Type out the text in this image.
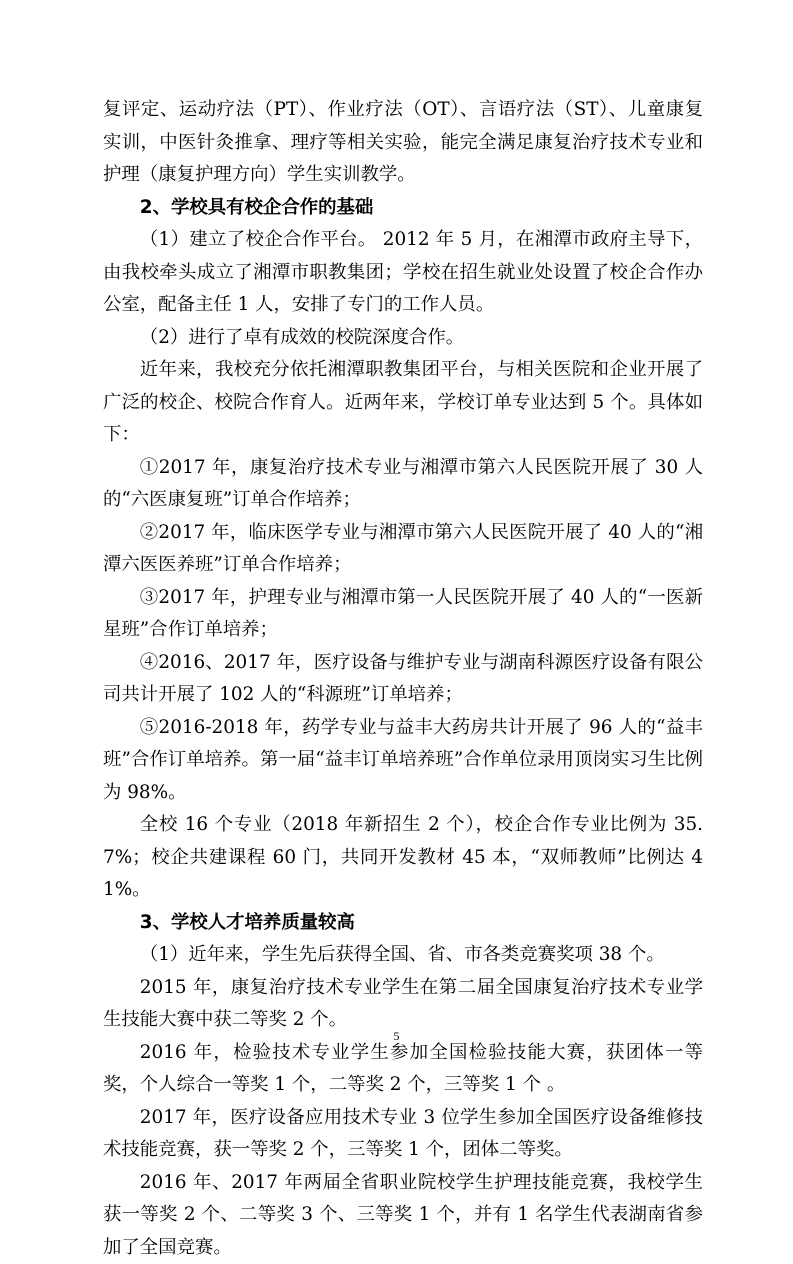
复评定、运动疗法（PT）、作业疗法（OT）、言语疗法（ST）、儿童康复实训，中医针灸推拿、理疗等相关实验，能完全满足康复治疗技术专业和护理（康复护理方向）学生实训教学。

2、学校具有校企合作的基础

（1）建立了校企合作平台。 2012 年 5 月，在湘潭市政府主导下，由我校牵头成立了湘潭市职教集团；学校在招生就业处设置了校企合作办公室，配备主任 1 人，安排了专门的工作人员。

（2）进行了卓有成效的校院深度合作。

近年来，我校充分依托湘潭职教集团平台，与相关医院和企业开展了广泛的校企、校院合作育人。近两年来，学校订单专业达到 5 个。具体如下：

①2017 年，康复治疗技术专业与湘潭市第六人民医院开展了 30 人的“六医康复班”订单合作培养；

②2017 年，临床医学专业与湘潭市第六人民医院开展了 40 人的“湘潭六医医养班”订单合作培养；

③2017 年，护理专业与湘潭市第一人民医院开展了 40 人的“一医新星班”合作订单培养；

④2016、2017 年，医疗设备与维护专业与湖南科源医疗设备有限公司共计开展了 102 人的“科源班”订单培养；

⑤2016-2018 年，药学专业与益丰大药房共计开展了 96 人的“益丰班”合作订单培养。第一届“益丰订单培养班”合作单位录用顶岗实习生比例为 98%。

全校 16 个专业（2018 年新招生 2 个），校企合作专业比例为 35.7%；校企共建课程 60 门，共同开发教材 45 本，“双师教师”比例达 41%。

3、学校人才培养质量较高

（1）近年来，学生先后获得全国、省、市各类竞赛奖项 38 个。

2015 年，康复治疗技术专业学生在第二届全国康复治疗技术专业学生技能大赛中获二等奖 2 个。

2016 年，检验技术专业学生参加全国检验技能大赛，获团体一等奖，个人综合一等奖 1 个，二等奖 2 个，三等奖 1 个 。

2017 年，医疗设备应用技术专业 3 位学生参加全国医疗设备维修技术技能竞赛，获一等奖 2 个，三等奖 1 个，团体二等奖。

2016 年、2017 年两届全省职业院校学生护理技能竞赛，我校学生获一等奖 2 个、二等奖 3 个、三等奖 1 个，并有 1 名学生代表湖南省参加了全国竞赛。

5
